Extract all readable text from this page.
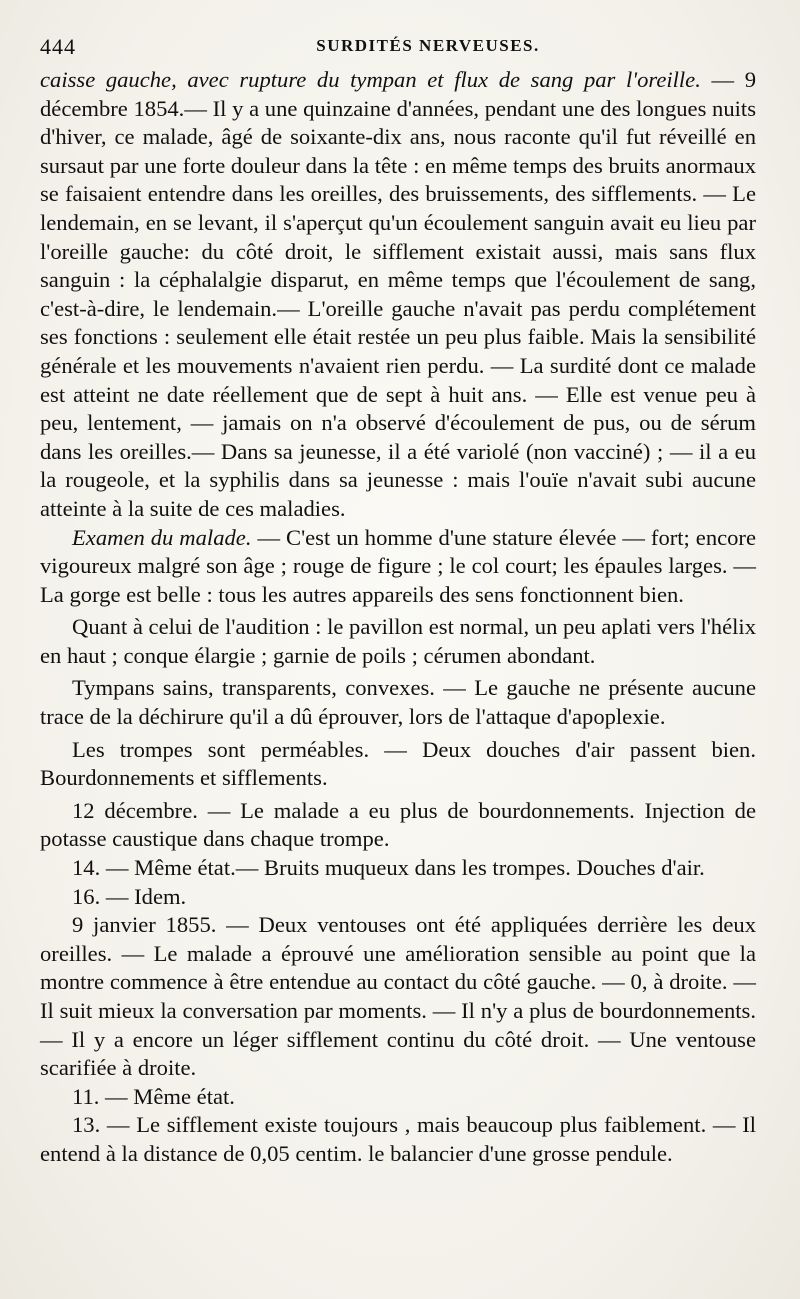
444	SURDITÉS NERVEUSES.

caisse gauche, avec rupture du tympan et flux de sang par l'oreille. — 9 décembre 1854.— Il y a une quinzaine d'années, pendant une des longues nuits d'hiver, ce malade, âgé de soixante-dix ans, nous raconte qu'il fut réveillé en sursaut par une forte douleur dans la tête : en même temps des bruits anormaux se faisaient entendre dans les oreilles, des bruissements, des sifflements. — Le lendemain, en se levant, il s'aperçut qu'un écoulement sanguin avait eu lieu par l'oreille gauche: du côté droit, le sifflement existait aussi, mais sans flux sanguin : la céphalalgie disparut, en même temps que l'écoulement de sang, c'est-à-dire, le lendemain.— L'oreille gauche n'avait pas perdu complétement ses fonctions : seulement elle était restée un peu plus faible. Mais la sensibilité générale et les mouvements n'avaient rien perdu. — La surdité dont ce malade est atteint ne date réellement que de sept à huit ans. — Elle est venue peu à peu, lentement, — jamais on n'a observé d'écoulement de pus, ou de sérum dans les oreilles.— Dans sa jeunesse, il a été variolé (non vacciné) ; — il a eu la rougeole, et la syphilis dans sa jeunesse : mais l'ouïe n'avait subi aucune atteinte à la suite de ces maladies.

Examen du malade. — C'est un homme d'une stature élevée — fort; encore vigoureux malgré son âge ; rouge de figure ; le col court; les épaules larges. — La gorge est belle : tous les autres appareils des sens fonctionnent bien.

Quant à celui de l'audition : le pavillon est normal, un peu aplati vers l'hélix en haut ; conque élargie ; garnie de poils ; cérumen abondant.

Tympans sains, transparents, convexes. — Le gauche ne présente aucune trace de la déchirure qu'il a dû éprouver, lors de l'attaque d'apoplexie.

Les trompes sont perméables. — Deux douches d'air passent bien. Bourdonnements et sifflements.

12 décembre. — Le malade a eu plus de bourdonnements. Injection de potasse caustique dans chaque trompe.

14. — Même état.— Bruits muqueux dans les trompes. Douches d'air.

16. — Idem.

9 janvier 1855. — Deux ventouses ont été appliquées derrière les deux oreilles. — Le malade a éprouvé une amélioration sensible au point que la montre commence à être entendue au contact du côté gauche. — 0, à droite. — Il suit mieux la conversation par moments. — Il n'y a plus de bourdonnements. — Il y a encore un léger sifflement continu du côté droit. — Une ventouse scarifiée à droite.

11. — Même état.

13. — Le sifflement existe toujours , mais beaucoup plus faiblement. — Il entend à la distance de 0,05 centim. le balancier d'une grosse pendule.
